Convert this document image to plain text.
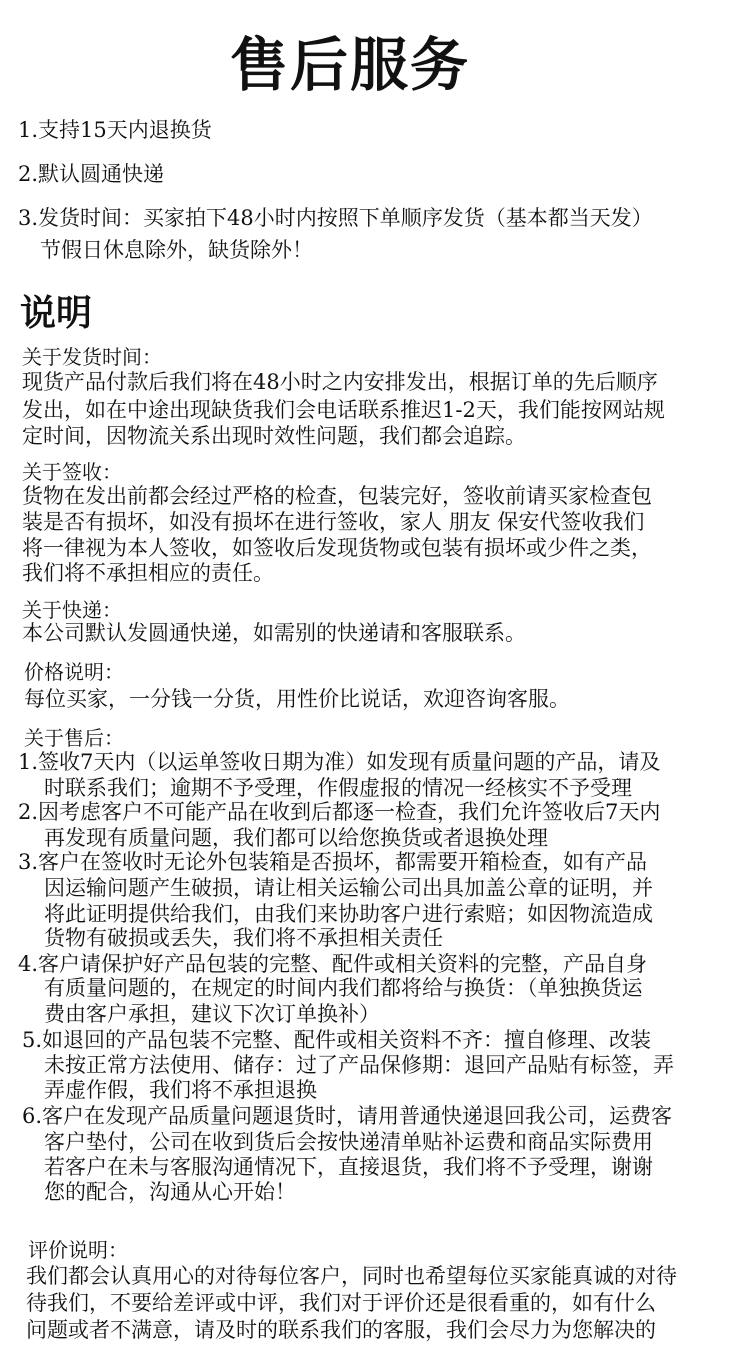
售后服务
1.支持15天内退换货
2.默认圆通快递
3.发货时间：买家拍下48小时内按照下单顺序发货（基本都当天发）
节假日休息除外，缺货除外！
说明
关于发货时间：
现货产品付款后我们将在48小时之内安排发出，根据订单的先后顺序
发出，如在中途出现缺货我们会电话联系推迟1-2天，我们能按网站规
定时间，因物流关系出现时效性问题，我们都会追踪。
关于签收：
货物在发出前都会经过严格的检查，包装完好，签收前请买家检查包
装是否有损坏，如没有损坏在进行签收，家人 朋友 保安代签收我们
将一律视为本人签收，如签收后发现货物或包装有损坏或少件之类，
我们将不承担相应的责任。
关于快递：
本公司默认发圆通快递，如需别的快递请和客服联系。
价格说明：
每位买家，一分钱一分货，用性价比说话，欢迎咨询客服。
关于售后：
1.签收7天内（以运单签收日期为准）如发现有质量问题的产品，请及
时联系我们；逾期不予受理，作假虚报的情况一经核实不予受理
2.因考虑客户不可能产品在收到后都逐一检查，我们允许签收后7天内
再发现有质量问题，我们都可以给您换货或者退换处理
3.客户在签收时无论外包装箱是否损坏，都需要开箱检查，如有产品
因运输问题产生破损，请让相关运输公司出具加盖公章的证明，并
将此证明提供给我们，由我们来协助客户进行索赔；如因物流造成
货物有破损或丢失，我们将不承担相关责任
4.客户请保护好产品包装的完整、配件或相关资料的完整，产品自身
有质量问题的，在规定的时间内我们都将给与换货：（单独换货运
费由客户承担，建议下次订单换补）
5.如退回的产品包装不完整、配件或相关资料不齐：擅自修理、改装
未按正常方法使用、储存：过了产品保修期：退回产品贴有标签，弄
弄虚作假，我们将不承担退换
6.客户在发现产品质量问题退货时，请用普通快递退回我公司，运费客
客户垫付，公司在收到货后会按快递清单贴补运费和商品实际费用
若客户在未与客服沟通情况下，直接退货，我们将不予受理，谢谢
您的配合，沟通从心开始！
评价说明：
我们都会认真用心的对待每位客户，同时也希望每位买家能真诚的对待
待我们，不要给差评或中评，我们对于评价还是很看重的，如有什么
问题或者不满意，请及时的联系我们的客服，我们会尽力为您解决的
